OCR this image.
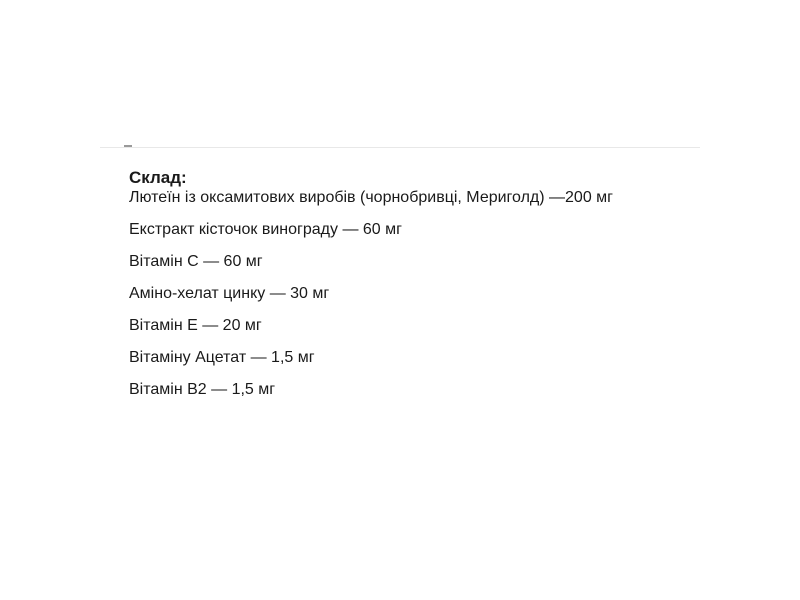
Склад:
Лютеїн із оксамитових виробів (чорнобривці, Мериголд) —200 мг
Екстракт кісточок винограду — 60 мг
Вітамін С — 60 мг
Аміно-хелат цинку — 30 мг
Вітамін Е — 20 мг
Вітаміну Ацетат — 1,5 мг
Вітамін В2 — 1,5 мг
